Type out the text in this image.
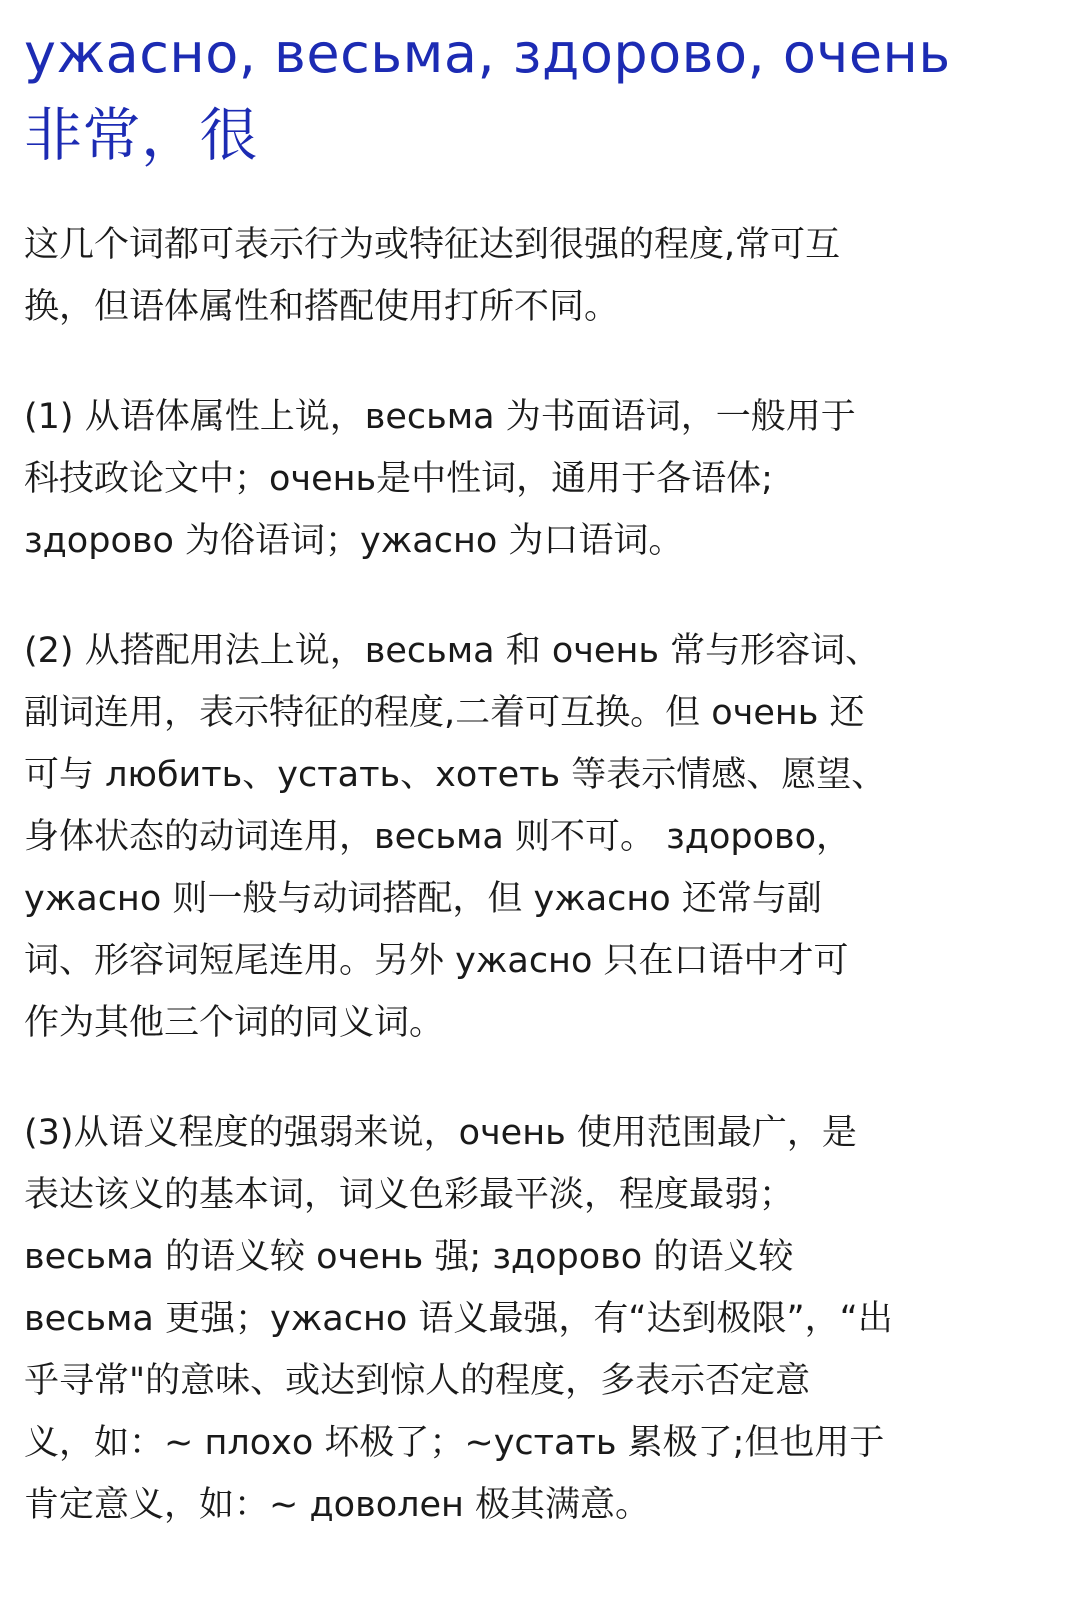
ужасно, весьма, здорово, очень
非常，很

这几个词都可表示行为或特征达到很强的程度,常可互
换，但语体属性和搭配使用打所不同。

(1) 从语体属性上说，весьма 为书面语词，一般用于
科技政论文中；очень是中性词，通用于各语体;
здорово 为俗语词；ужасно 为口语词。

(2) 从搭配用法上说，весьма 和 очень 常与形容词、
副词连用，表示特征的程度,二着可互换。但 очень 还
可与 любить、устать、хотеть 等表示情感、愿望、
身体状态的动词连用，весьма 则不可。 здорово，
ужасно 则一般与动词搭配，但 ужасно 还常与副
词、形容词短尾连用。另外 ужасно 只在口语中才可
作为其他三个词的同义词。

(3)从语义程度的强弱来说，очень 使用范围最广，是
表达该义的基本词，词义色彩最平淡，程度最弱；
весьма 的语义较 очень 强; здорово 的语义较
весьма 更强；ужасно 语义最强，有“达到极限”，“出
乎寻常"的意味、或达到惊人的程度，多表示否定意
义，如：~ плохо 坏极了；~устать 累极了;但也用于
肯定意义，如：~ доволен 极其满意。
